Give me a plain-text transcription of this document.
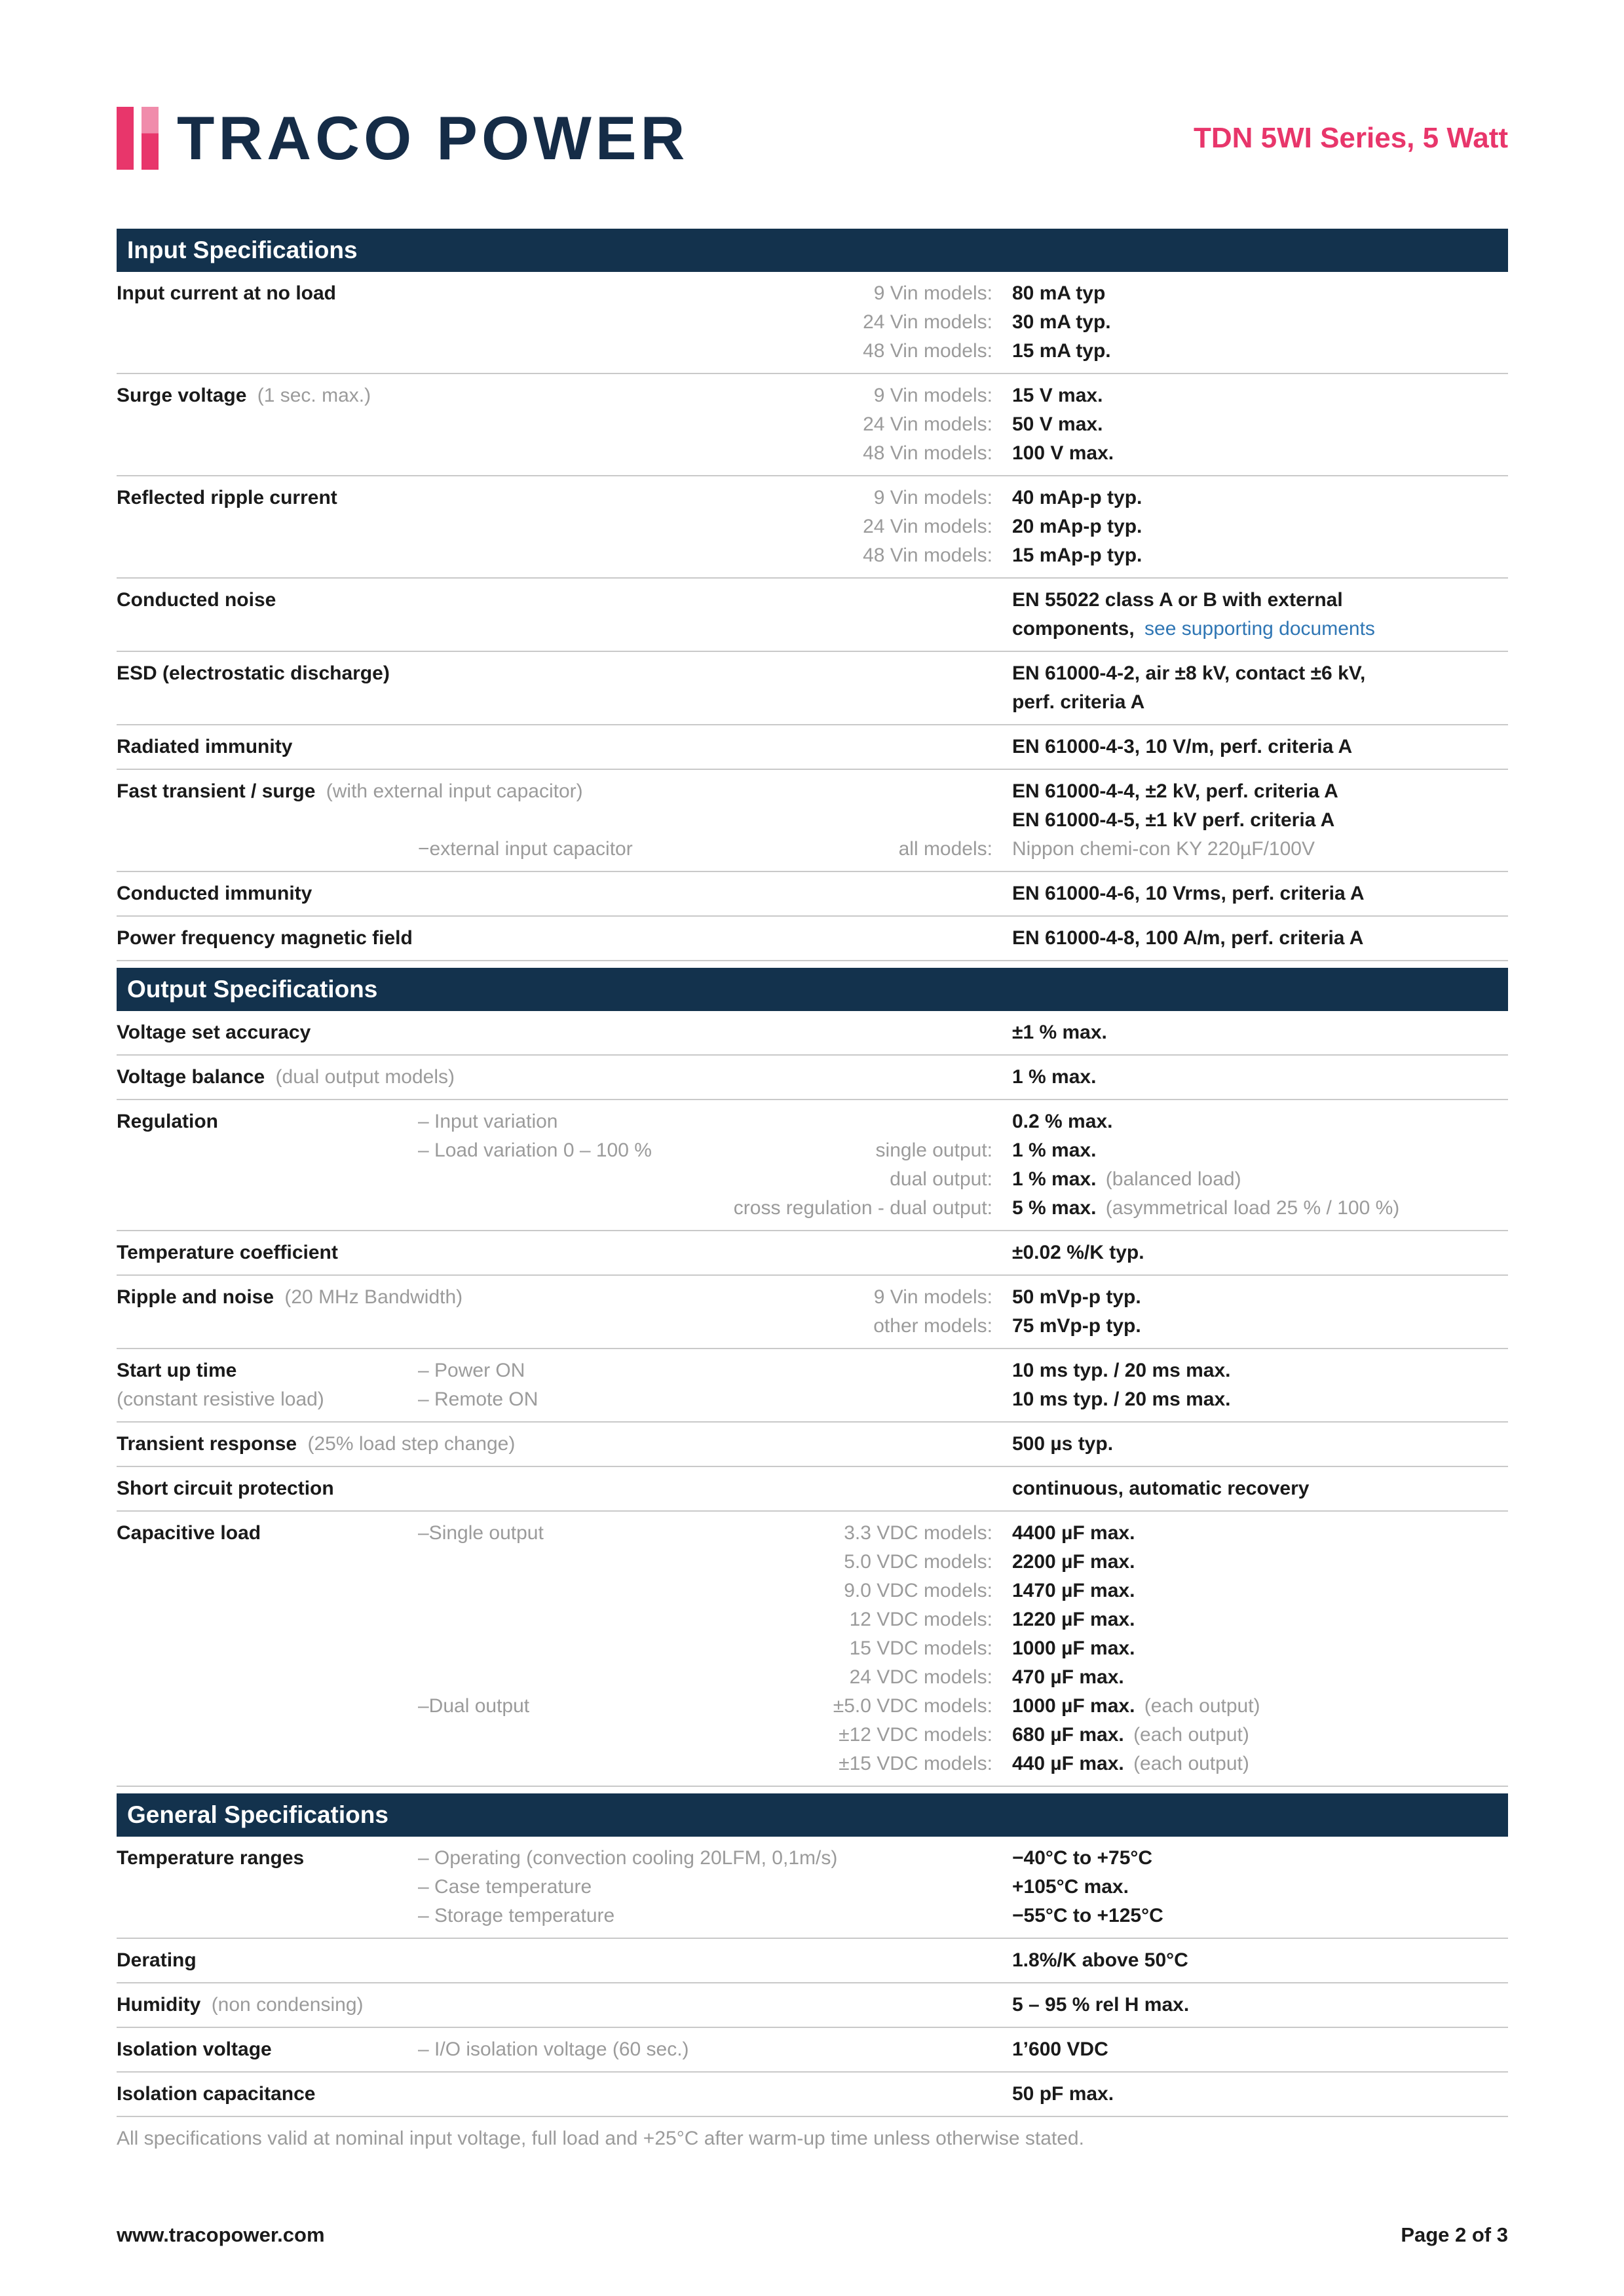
TRACO POWER	TDN 5WI Series, 5 Watt
Input Specifications
Input current at no load	9 Vin models: 80 mA typ
24 Vin models: 30 mA typ.
48 Vin models: 15 mA typ.
Surge voltage (1 sec. max.)	9 Vin models: 15 V max.
24 Vin models: 50 V max.
48 Vin models: 100 V max.
Reflected ripple current	9 Vin models: 40 mAp-p typ.
24 Vin models: 20 mAp-p typ.
48 Vin models: 15 mAp-p typ.
Conducted noise	EN 55022 class A or B with external
components, see supporting documents
ESD (electrostatic discharge)	EN 61000-4-2, air ±8 kV, contact ±6 kV,
perf. criteria A
Radiated immunity	EN 61000-4-3, 10 V/m, perf. criteria A
Fast transient / surge (with external input capacitor)	EN 61000-4-4, ±2 kV, perf. criteria A
EN 61000-4-5, ±1 kV perf. criteria A
−external input capacitor	all models: Nippon chemi-con KY 220µF/100V
Conducted immunity	EN 61000-4-6, 10 Vrms, perf. criteria A
Power frequency magnetic field	EN 61000-4-8, 100 A/m, perf. criteria A
Output Specifications
Voltage set accuracy	±1 % max.
Voltage balance (dual output models)	1 % max.
Regulation	– Input variation	0.2 % max.
– Load variation 0 – 100 %	single output: 1 % max.
dual output: 1 % max. (balanced load)
cross regulation - dual output: 5 % max. (asymmetrical load 25 % / 100 %)
Temperature coefficient	±0.02 %/K typ.
Ripple and noise (20 MHz Bandwidth)	9 Vin models: 50 mVp-p typ.
other models: 75 mVp-p typ.
Start up time
(constant resistive load)
– Power ON	10 ms typ. / 20 ms max.
– Remote ON	10 ms typ. / 20 ms max.
Transient response (25% load step change)	500 µs typ.
Short circuit protection	continuous, automatic recovery
Capacitive load	–Single output	3.3 VDC models: 4400 µF max.
5.0 VDC models: 2200 µF max.
9.0 VDC models: 1470 µF max.
12 VDC models: 1220 µF max.
15 VDC models: 1000 µF max.
24 VDC models: 470 µF max.
–Dual output	±5.0 VDC models: 1000 µF max. (each output)
±12 VDC models: 680 µF max. (each output)
±15 VDC models: 440 µF max. (each output)
General Specifications
Temperature ranges	– Operating (convection cooling 20LFM, 0,1m/s)	−40°C to +75°C
– Case temperature	+105°C max.
– Storage temperature	−55°C to +125°C
Derating	1.8%/K above 50°C
Humidity (non condensing)	5 – 95 % rel H max.
Isolation voltage	– I/O isolation voltage (60 sec.)	1’600 VDC
Isolation capacitance	50 pF max.
All specifications valid at nominal input voltage, full load and +25°C after warm-up time unless otherwise stated.
www.tracopower.com	Page 2 of 3
